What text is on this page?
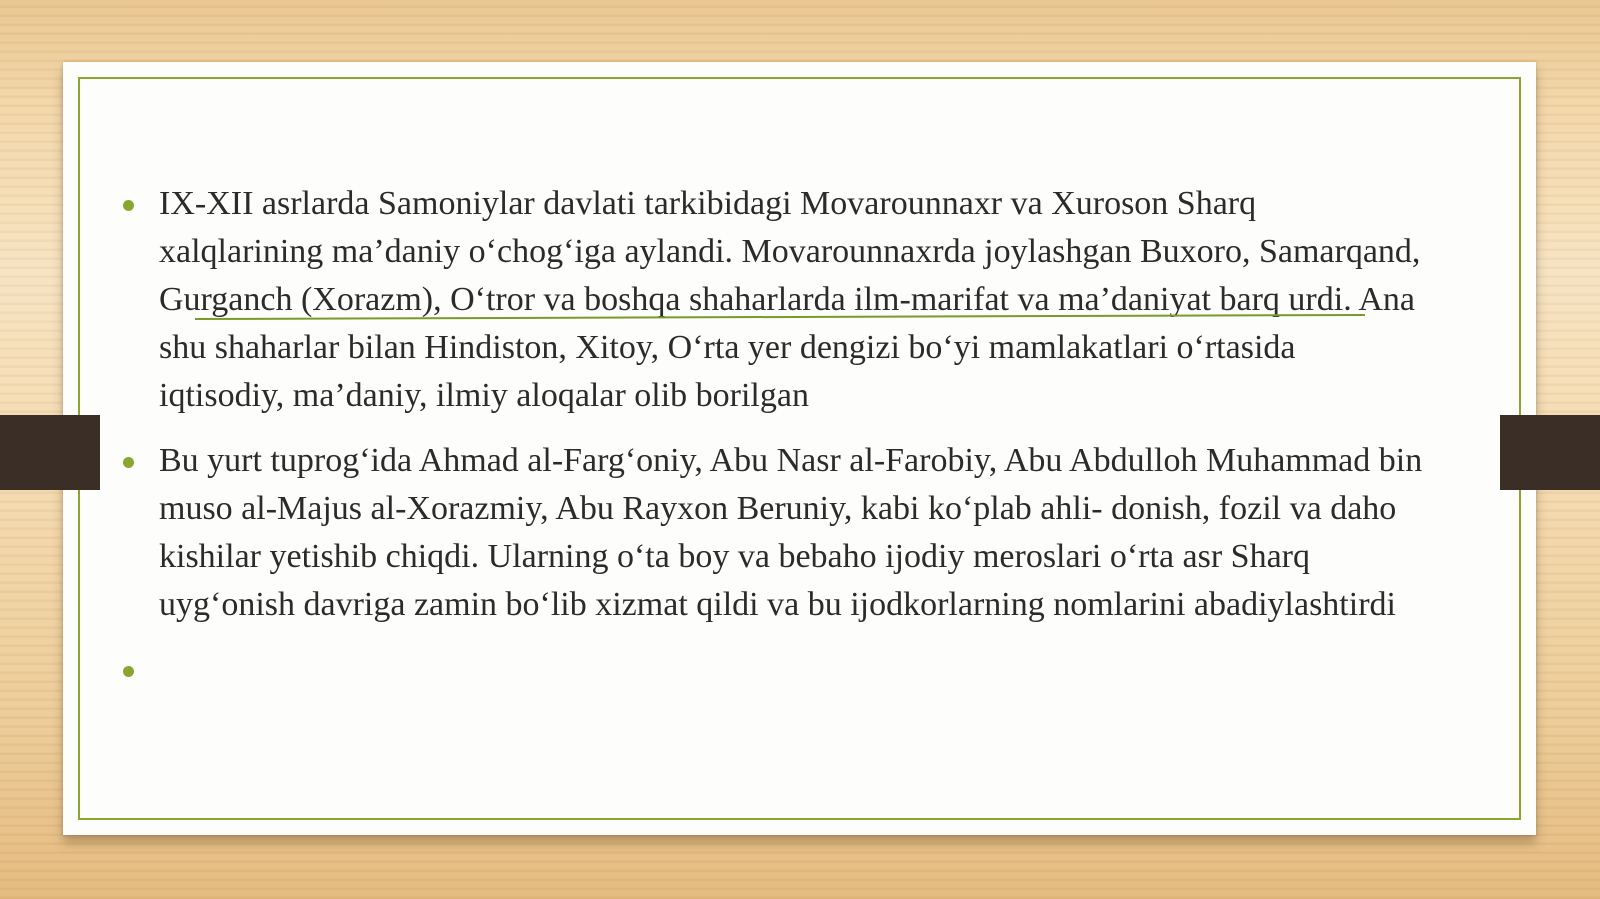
IX-XII asrlarda Samoniylar davlati tarkibidagi Movarounnaxr va Xuroson Sharq xalqlarining ma’daniy o‘chog‘iga aylandi. Movarounnaxrda joylashgan Buxoro, Samarqand, Gurganch (Xorazm), O‘tror va boshqa shaharlarda ilm-marifat va ma’daniyat barq urdi. Ana shu shaharlar bilan Hindiston, Xitoy, O‘rta yer dengizi bo‘yi mamlakatlari o‘rtasida iqtisodiy, ma’daniy, ilmiy aloqalar olib borilgan
Bu yurt tuprog‘ida Ahmad al-Farg‘oniy, Abu Nasr al-Farobiy, Abu Abdulloh Muhammad bin muso al-Majus al-Xorazmiy, Abu Rayxon Beruniy, kabi ko‘plab ahli- donish, fozil va daho kishilar yetishib chiqdi. Ularning o‘ta boy va bebaho ijodiy meroslari o‘rta asr Sharq uyg‘onish davriga zamin bo‘lib xizmat qildi va bu ijodkorlarning nomlarini abadiylashtirdi
